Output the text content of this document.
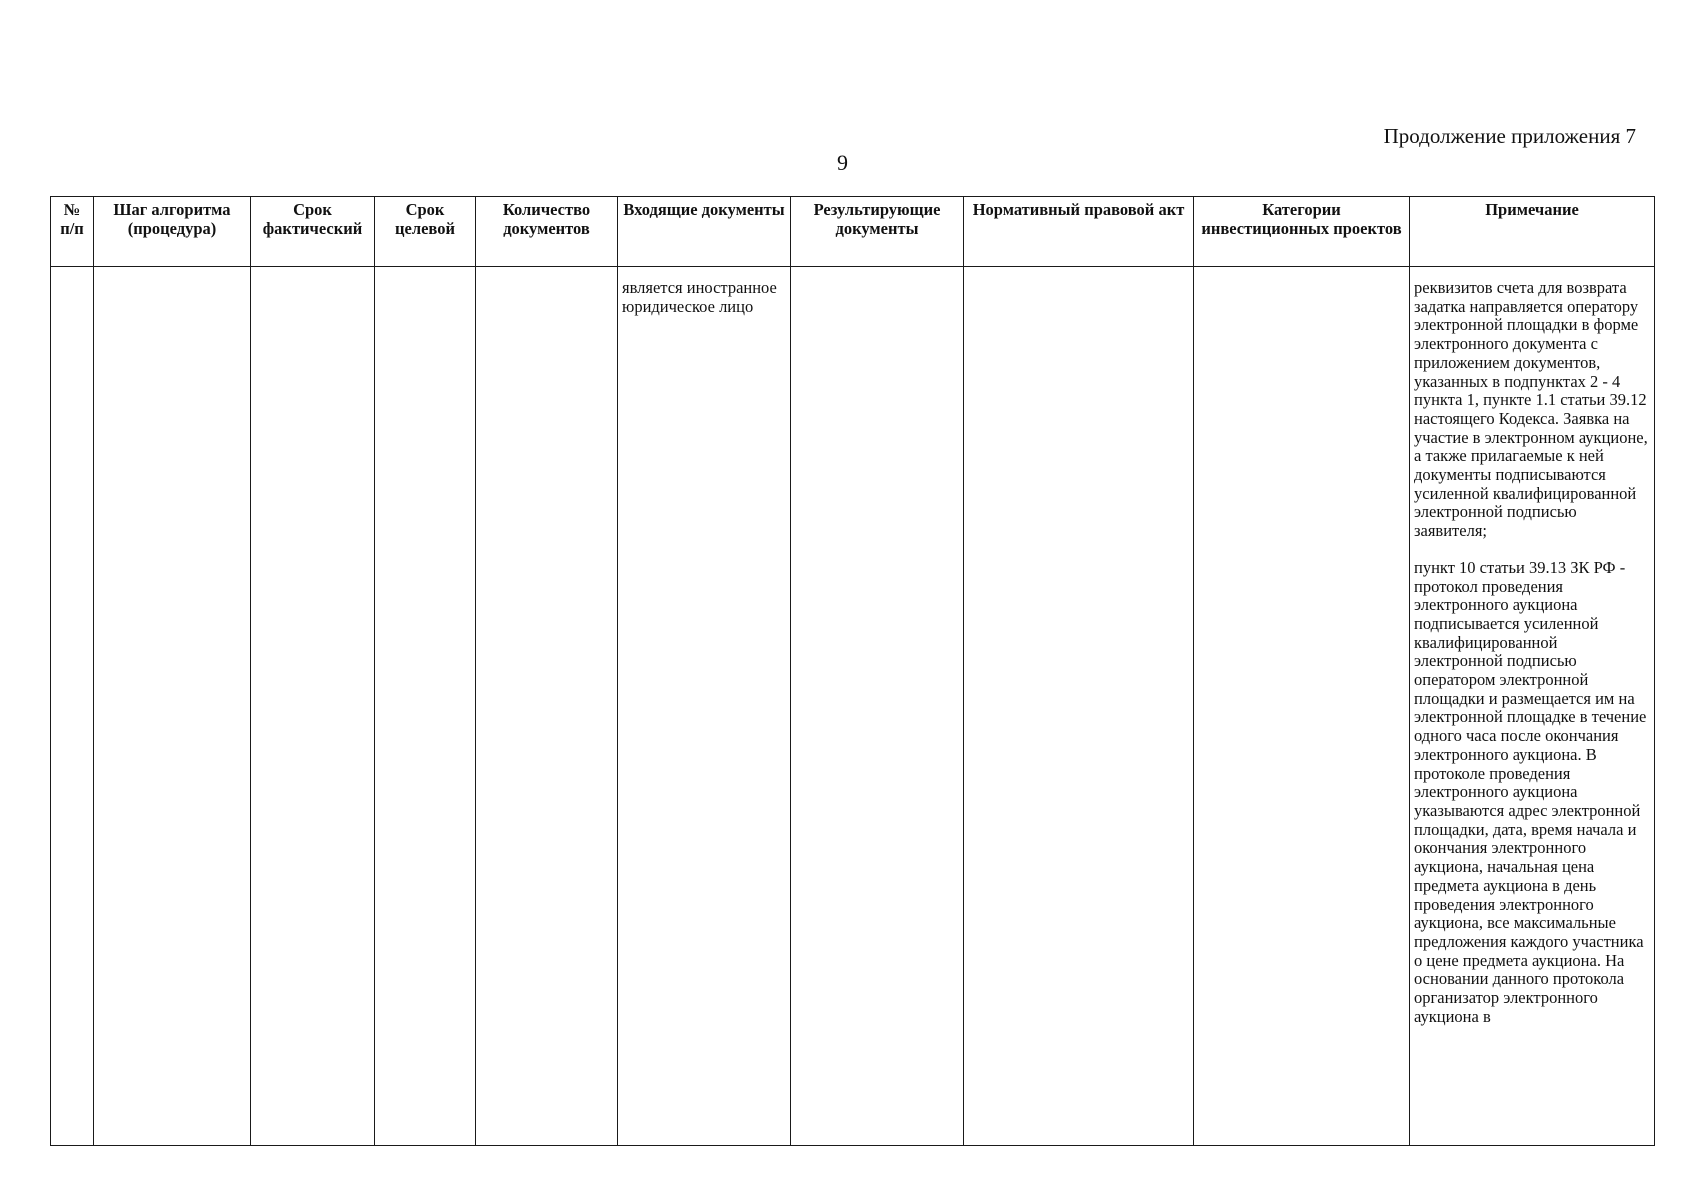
Продолжение приложения 7
9
№ п/п	Шаг алгоритма (процедура)	Срок фактический	Срок целевой	Количество документов	Входящие документы	Результирующие документы	Нормативный правовой акт	Категории инвестиционных проектов	Примечание
					является иностранное юридическое лицо				реквизитов счета для возврата задатка направляется оператору электронной площадки в форме электронного документа с приложением документов, указанных в подпунктах 2 - 4 пункта 1, пункте 1.1 статьи 39.12 настоящего Кодекса. Заявка на участие в электронном аукционе, а также прилагаемые к ней документы подписываются усиленной квалифицированной электронной подписью заявителя;
пункт 10 статьи 39.13 ЗК РФ - протокол проведения электронного аукциона подписывается усиленной квалифицированной электронной подписью оператором электронной площадки и размещается им на электронной площадке в течение одного часа после окончания электронного аукциона. В протоколе проведения электронного аукциона указываются адрес электронной площадки, дата, время начала и окончания электронного аукциона, начальная цена предмета аукциона в день проведения электронного аукциона, все максимальные предложения каждого участника о цене предмета аукциона. На основании данного протокола организатор электронного аукциона в
